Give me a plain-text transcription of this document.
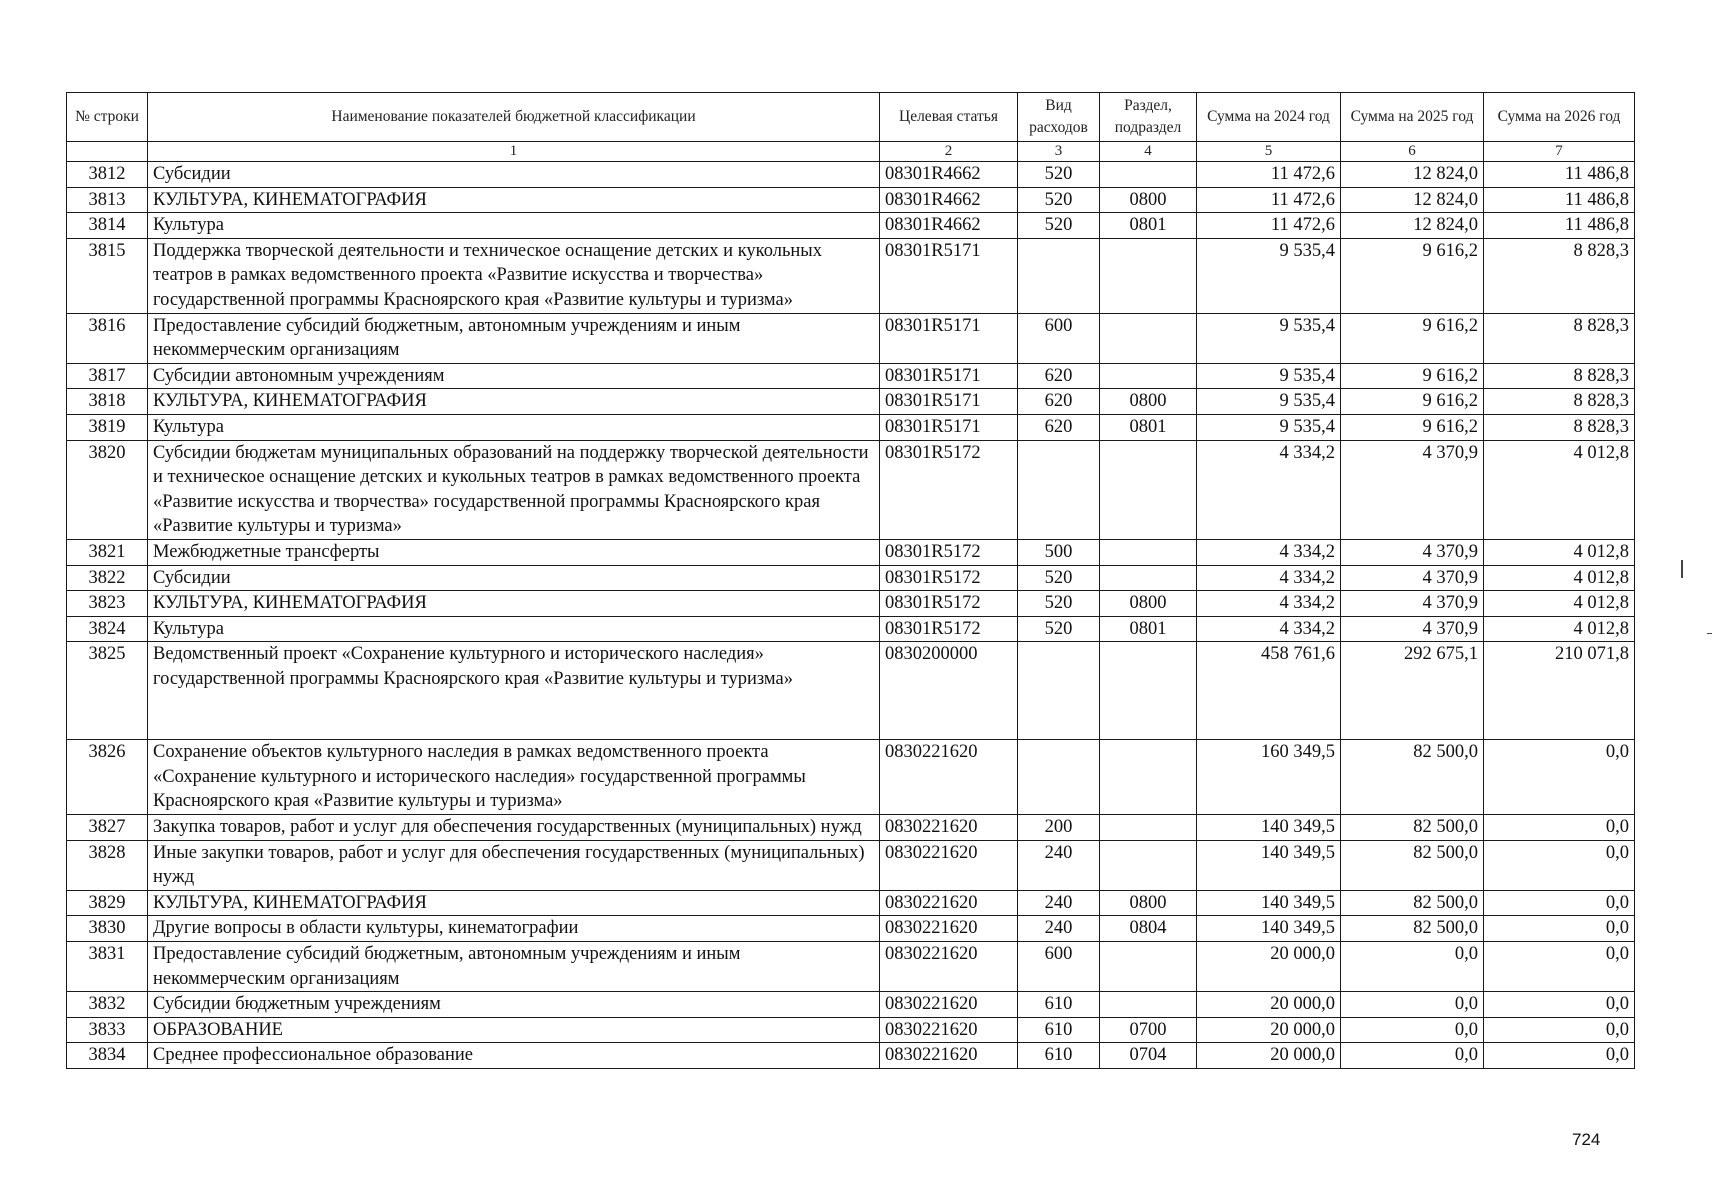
№ строки	Наименование показателей бюджетной классификации	Целевая статья	Вид расходов	Раздел, подраздел	Сумма на 2024 год	Сумма на 2025 год	Сумма на 2026 год
	1	2	3	4	5	6	7
3812	Субсидии	08301R4662	520		11 472,6	12 824,0	11 486,8
3813	КУЛЬТУРА, КИНЕМАТОГРАФИЯ	08301R4662	520	0800	11 472,6	12 824,0	11 486,8
3814	Культура	08301R4662	520	0801	11 472,6	12 824,0	11 486,8
3815	Поддержка творческой деятельности и техническое оснащение детских и кукольных театров в рамках ведомственного проекта «Развитие искусства и творчества» государственной программы Красноярского края «Развитие культуры и туризма»	08301R5171			9 535,4	9 616,2	8 828,3
3816	Предоставление субсидий бюджетным, автономным учреждениям и иным некоммерческим организациям	08301R5171	600		9 535,4	9 616,2	8 828,3
3817	Субсидии автономным учреждениям	08301R5171	620		9 535,4	9 616,2	8 828,3
3818	КУЛЬТУРА, КИНЕМАТОГРАФИЯ	08301R5171	620	0800	9 535,4	9 616,2	8 828,3
3819	Культура	08301R5171	620	0801	9 535,4	9 616,2	8 828,3
3820	Субсидии бюджетам муниципальных образований на поддержку творческой деятельности и техническое оснащение детских и кукольных театров в рамках ведомственного проекта «Развитие искусства и творчества» государственной программы Красноярского края «Развитие культуры и туризма»	08301R5172			4 334,2	4 370,9	4 012,8
3821	Межбюджетные трансферты	08301R5172	500		4 334,2	4 370,9	4 012,8
3822	Субсидии	08301R5172	520		4 334,2	4 370,9	4 012,8
3823	КУЛЬТУРА, КИНЕМАТОГРАФИЯ	08301R5172	520	0800	4 334,2	4 370,9	4 012,8
3824	Культура	08301R5172	520	0801	4 334,2	4 370,9	4 012,8
3825	Ведомственный проект «Сохранение культурного и исторического наследия» государственной программы Красноярского края «Развитие культуры и туризма»	0830200000			458 761,6	292 675,1	210 071,8
3826	Сохранение объектов культурного наследия в рамках ведомственного проекта «Сохранение культурного и исторического наследия» государственной программы Красноярского края «Развитие культуры и туризма»	0830221620			160 349,5	82 500,0	0,0
3827	Закупка товаров, работ и услуг для обеспечения государственных (муниципальных) нужд	0830221620	200		140 349,5	82 500,0	0,0
3828	Иные закупки товаров, работ и услуг для обеспечения государственных (муниципальных) нужд	0830221620	240		140 349,5	82 500,0	0,0
3829	КУЛЬТУРА, КИНЕМАТОГРАФИЯ	0830221620	240	0800	140 349,5	82 500,0	0,0
3830	Другие вопросы в области культуры, кинематографии	0830221620	240	0804	140 349,5	82 500,0	0,0
3831	Предоставление субсидий бюджетным, автономным учреждениям и иным некоммерческим организациям	0830221620	600		20 000,0	0,0	0,0
3832	Субсидии бюджетным учреждениям	0830221620	610		20 000,0	0,0	0,0
3833	ОБРАЗОВАНИЕ	0830221620	610	0700	20 000,0	0,0	0,0
3834	Среднее профессиональное образование	0830221620	610	0704	20 000,0	0,0	0,0
724
